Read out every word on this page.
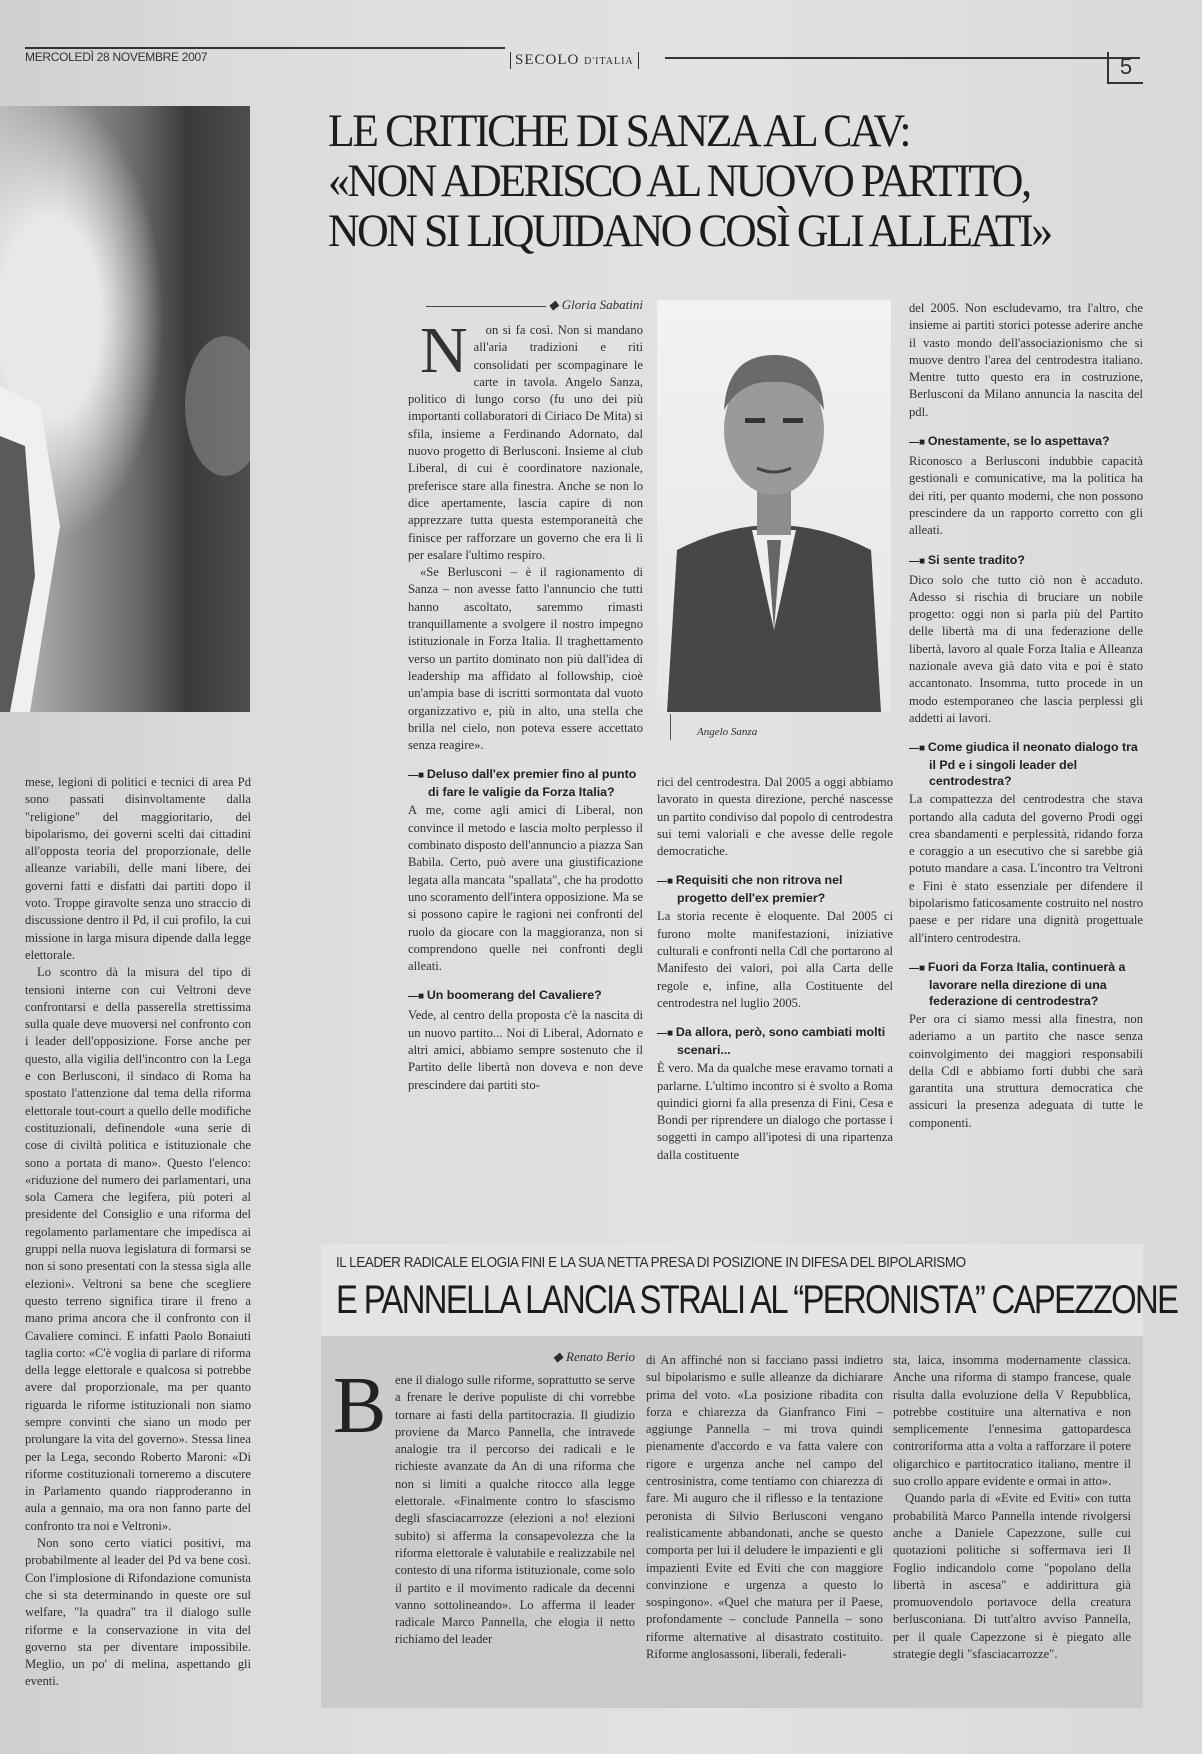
MERCOLEDÌ 28 NOVEMBRE 2007	SECOLO D'ITALIA	5
LE CRITICHE DI SANZA AL CAV:
«NON ADERISCO AL NUOVO PARTITO,
NON SI LIQUIDANO COSÌ GLI ALLEATI»
◆ Gloria Sabatini

Non si fa così. Non si mandano all'aria tradizioni e riti consolidati per scompaginare le carte in tavola. Angelo Sanza, politico di lungo corso (fu uno dei più importanti collaboratori di Ciriaco De Mita) si sfila, insieme a Ferdinando Adornato, dal nuovo progetto di Berlusconi. Insieme al club Liberal, di cui è coordinatore nazionale, preferisce stare alla finestra. Anche se non lo dice apertamente, lascia capire di non apprezzare tutta questa estemporaneità che finisce per rafforzare un governo che era lì lì per esalare l'ultimo respiro.

«Se Berlusconi – è il ragionamento di Sanza – non avesse fatto l'annuncio che tutti hanno ascoltato, saremmo rimasti tranquillamente a svolgere il nostro impegno istituzionale in Forza Italia. Il traghettamento verso un partito dominato non più dall'idea di leadership ma affidato al followship, cioè un'ampia base di iscritti sormontata dal vuoto organizzativo e, più in alto, una stella che brilla nel cielo, non poteva essere accettato senza reagire».

—■ Deluso dall'ex premier fino al punto di fare le valigie da Forza Italia?

A me, come agli amici di Liberal, non convince il metodo e lascia molto perplesso il combinato disposto dell'annuncio a piazza San Babila. Certo, può avere una giustificazione legata alla mancata "spallata", che ha prodotto uno scoramento dell'intera opposizione. Ma se si possono capire le ragioni nei confronti del ruolo da giocare con la maggioranza, non si comprendono quelle nei confronti degli alleati.

—■ Un boomerang del Cavaliere?

Vede, al centro della proposta c'è la nascita di un nuovo partito... Noi di Liberal, Adornato e altri amici, abbiamo sempre sostenuto che il Partito delle libertà non doveva e non deve prescindere dai partiti sto-

Angelo Sanza

rici del centrodestra. Dal 2005 a oggi abbiamo lavorato in questa direzione, perché nascesse un partito condiviso dal popolo di centrodestra sui temi valoriali e che avesse delle regole democratiche.

—■ Requisiti che non ritrova nel progetto dell'ex premier?

La storia recente è eloquente. Dal 2005 ci furono molte manifestazioni, iniziative culturali e confronti nella Cdl che portarono al Manifesto dei valori, poi alla Carta delle regole e, infine, alla Costituente del centrodestra nel luglio 2005.

—■ Da allora, però, sono cambiati molti scenari...

È vero. Ma da qualche mese eravamo tornati a parlarne. L'ultimo incontro si è svolto a Roma quindici giorni fa alla presenza di Fini, Cesa e Bondi per riprendere un dialogo che portasse i soggetti in campo all'ipotesi di una ripartenza dalla costituente

del 2005. Non escludevamo, tra l'altro, che insieme ai partiti storici potesse aderire anche il vasto mondo dell'associazionismo che si muove dentro l'area del centrodestra italiano. Mentre tutto questo era in costruzione, Berlusconi da Milano annuncia la nascita del pdl.

—■ Onestamente, se lo aspettava?

Riconosco a Berlusconi indubbie capacità gestionali e comunicative, ma la politica ha dei riti, per quanto moderni, che non possono prescindere da un rapporto corretto con gli alleati.

—■ Si sente tradito?

Dico solo che tutto ciò non è accaduto. Adesso si rischia di bruciare un nobile progetto: oggi non si parla più del Partito delle libertà ma di una federazione delle libertà, lavoro al quale Forza Italia e Alleanza nazionale aveva già dato vita e poi è stato accantonato. Insomma, tutto procede in un modo estemporaneo che lascia perplessi gli addetti ai lavori.

—■ Come giudica il neonato dialogo tra il Pd e i singoli leader del centrodestra?

La compattezza del centrodestra che stava portando alla caduta del governo Prodi oggi crea sbandamenti e perplessità, ridando forza e coraggio a un esecutivo che si sarebbe già potuto mandare a casa. L'incontro tra Veltroni e Fini è stato essenziale per difendere il bipolarismo faticosamente costruito nel nostro paese e per ridare una dignità progettuale all'intero centrodestra.

—■ Fuori da Forza Italia, continuerà a lavorare nella direzione di una federazione di centrodestra?

Per ora ci siamo messi alla finestra, non aderiamo a un partito che nasce senza coinvolgimento dei maggiori responsabili della Cdl e abbiamo forti dubbi che sarà garantita una struttura democratica che assicuri la presenza adeguata di tutte le componenti.

mese, legioni di politici e tecnici di area Pd sono passati disinvoltamente dalla "religione" del maggioritario, del bipolarismo, dei governi scelti dai cittadini all'opposta teoria del proporzionale, delle alleanze variabili, delle mani libere, dei governi fatti e disfatti dai partiti dopo il voto. Troppe giravolte senza uno straccio di discussione dentro il Pd, il cui profilo, la cui missione in larga misura dipende dalla legge elettorale.

Lo scontro dà la misura del tipo di tensioni interne con cui Veltroni deve confrontarsi e della passerella strettissima sulla quale deve muoversi nel confronto con i leader dell'opposizione. Forse anche per questo, alla vigilia dell'incontro con la Lega e con Berlusconi, il sindaco di Roma ha spostato l'attenzione dal tema della riforma elettorale tout-court a quello delle modifiche costituzionali, definendole «una serie di cose di civiltà politica e istituzionale che sono a portata di mano». Questo l'elenco: «riduzione del numero dei parlamentari, una sola Camera che legifera, più poteri al presidente del Consiglio e una riforma del regolamento parlamentare che impedisca ai gruppi nella nuova legislatura di formarsi se non si sono presentati con la stessa sigla alle elezioni». Veltroni sa bene che scegliere questo terreno significa tirare il freno a mano prima ancora che il confronto con il Cavaliere cominci. E infatti Paolo Bonaiuti taglia corto: «C'è voglia di parlare di riforma della legge elettorale e qualcosa si potrebbe avere dal proporzionale, ma per quanto riguarda le riforme istituzionali non siamo sempre convinti che siano un modo per prolungare la vita del governo». Stessa linea per la Lega, secondo Roberto Maroni: «Di riforme costituzionali torneremo a discutere in Parlamento quando riapproderanno in aula a gennaio, ma ora non fanno parte del confronto tra noi e Veltroni».

Non sono certo viatici positivi, ma probabilmente al leader del Pd va bene così. Con l'implosione di Rifondazione comunista che si sta determinando in queste ore sul welfare, "la quadra" tra il dialogo sulle riforme e la conservazione in vita del governo sta per diventare impossibile. Meglio, un po' di melina, aspettando gli eventi.

IL LEADER RADICALE ELOGIA FINI E LA SUA NETTA PRESA DI POSIZIONE IN DIFESA DEL BIPOLARISMO
E PANNELLA LANCIA STRALI AL “PERONISTA” CAPEZZONE
◆ Renato Berio

Bene il dialogo sulle riforme, soprattutto se serve a frenare le derive populiste di chi vorrebbe tornare ai fasti della partitocrazia. Il giudizio proviene da Marco Pannella, che intravede analogie tra il percorso dei radicali e le richieste avanzate da An di una riforma che non si limiti a qualche ritocco alla legge elettorale. «Finalmente contro lo sfascismo degli sfasciacarrozze (elezioni a no! elezioni subito) si afferma la consapevolezza che la riforma elettorale è valutabile e realizzabile nel contesto di una riforma istituzionale, come solo il partito e il movimento radicale da decenni vanno sottolineando». Lo afferma il leader radicale Marco Pannella, che elogia il netto richiamo del leader

di An affinché non si facciano passi indietro sul bipolarismo e sulle alleanze da dichiarare prima del voto. «La posizione ribadita con forza e chiarezza da Gianfranco Fini – aggiunge Pannella – mi trova quindi pienamente d'accordo e va fatta valere con rigore e urgenza anche nel campo del centrosinistra, come tentiamo con chiarezza di fare. Mi auguro che il riflesso e la tentazione peronista di Silvio Berlusconi vengano realisticamente abbandonati, anche se questo comporta per lui il deludere le impazienti e gli impazienti Evite ed Eviti che con maggiore convinzione e urgenza a questo lo sospingono». «Quel che matura per il Paese, profondamente – conclude Pannella – sono riforme alternative al disastrato costituito. Riforme anglosassoni, liberali, federali-

sta, laica, insomma modernamente classica. Anche una riforma di stampo francese, quale risulta dalla evoluzione della V Repubblica, potrebbe costituire una alternativa e non semplicemente l'ennesima gattopardesca controriforma atta a volta a rafforzare il potere oligarchico e partitocratico italiano, mentre il suo crollo appare evidente e ormai in atto».

Quando parla di «Evite ed Eviti» con tutta probabilità Marco Pannella intende rivolgersi anche a Daniele Capezzone, sulle cui quotazioni politiche si soffermava ieri Il Foglio indicandolo come "popolano della libertà in ascesa" e addirittura già promuovendolo portavoce della creatura berlusconiana. Di tutt'altro avviso Pannella, per il quale Capezzone si è piegato alle strategie degli "sfasciacarrozze".
